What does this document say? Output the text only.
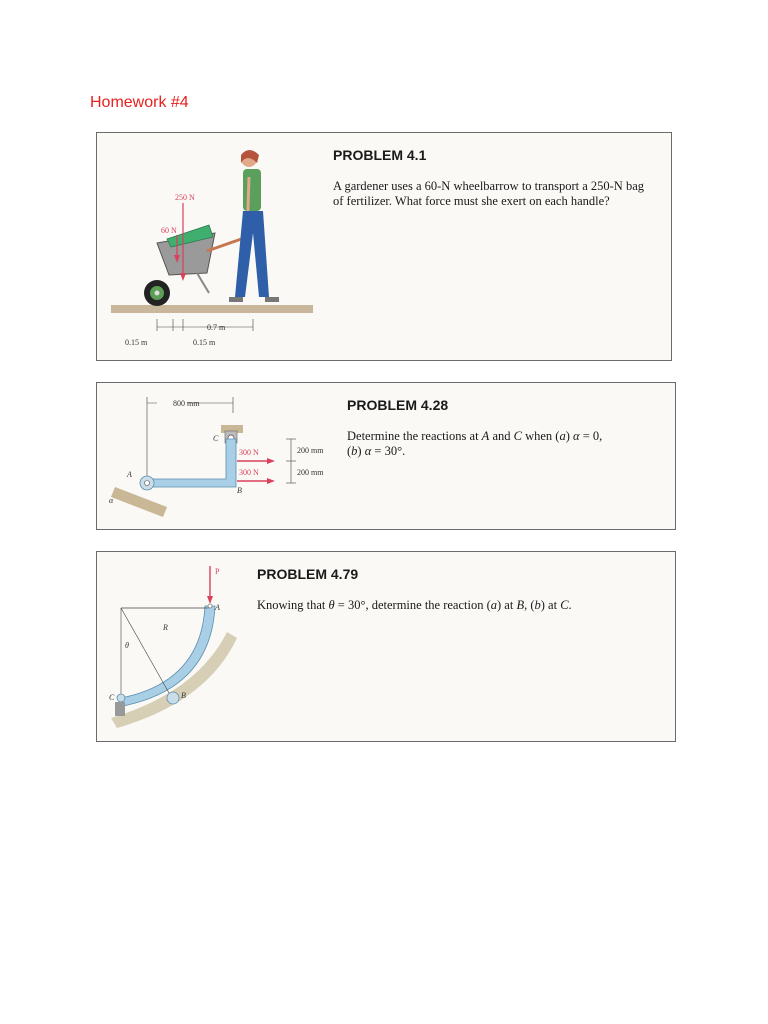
Homework #4
250 N
60 N
0.7 m
0.15 m	0.15 m
PROBLEM 4.1
A gardener uses a 60-N wheelbarrow to transport a 250-N bag
of fertilizer. What force must she exert on each handle?
800 mm
C
A
B
α
300 N
300 N
200 mm
200 mm
PROBLEM 4.28
Determine the reactions at A and C when (a) α = 0,
(b) α = 30°.
P
A
B
C
R
θ
PROBLEM 4.79
Knowing that θ = 30°, determine the reaction (a) at B, (b) at C.
